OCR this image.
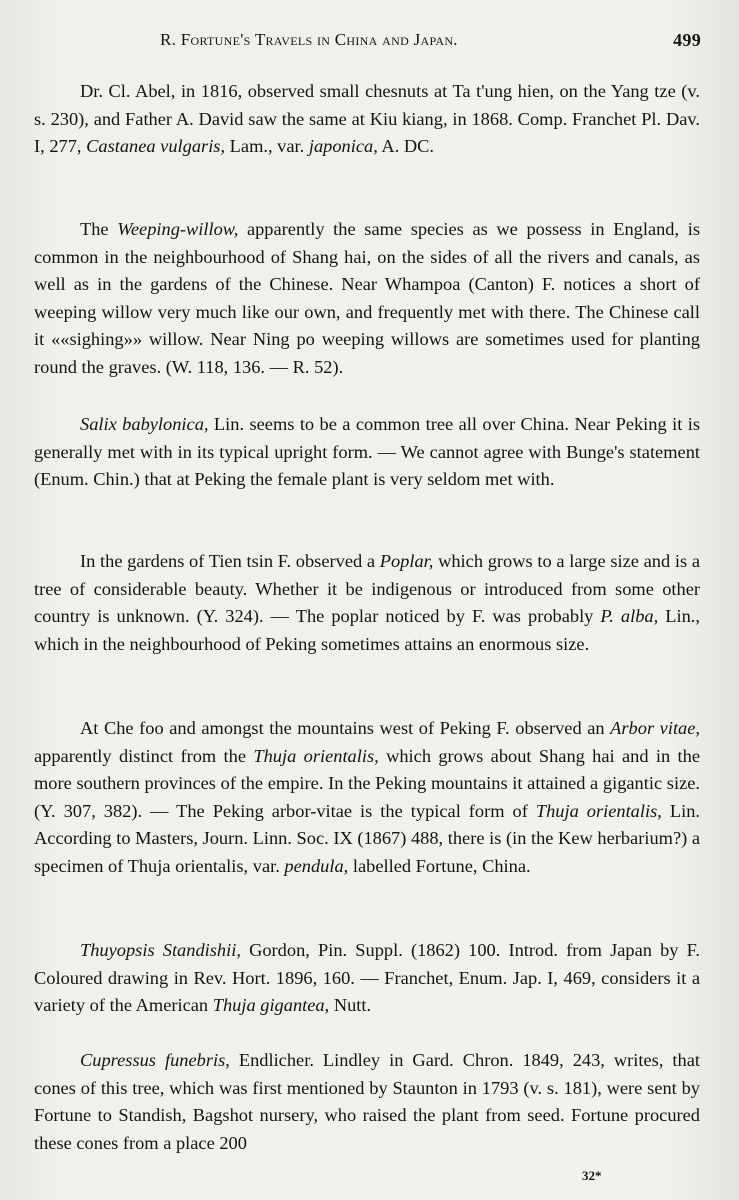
R. Fortune's Travels in China and Japan.	499

Dr. Cl. Abel, in 1816, observed small chesnuts at Ta t'ung hien, on the Yang tze (v. s. 230), and Father A. David saw the same at Kiu kiang, in 1868. Comp. Franchet Pl. Dav. I, 277, Castanea vulgaris, Lam., var. japonica, A. DC.

The Weeping-willow, apparently the same species as we possess in England, is common in the neighbourhood of Shang hai, on the sides of all the rivers and canals, as well as in the gardens of the Chinese. Near Whampoa (Canton) F. notices a short of weeping willow very much like our own, and frequently met with there. The Chinese call it ««sighing»» willow. Near Ning po weeping willows are sometimes used for planting round the graves. (W. 118, 136. — R. 52).

Salix babylonica, Lin. seems to be a common tree all over China. Near Peking it is generally met with in its typical upright form. — We cannot agree with Bunge's statement (Enum. Chin.) that at Peking the female plant is very seldom met with.

In the gardens of Tien tsin F. observed a Poplar, which grows to a large size and is a tree of considerable beauty. Whether it be indigenous or introduced from some other country is unknown. (Y. 324). — The poplar noticed by F. was probably P. alba, Lin., which in the neighbourhood of Peking sometimes attains an enormous size.

At Che foo and amongst the mountains west of Peking F. observed an Arbor vitae, apparently distinct from the Thuja orientalis, which grows about Shang hai and in the more southern provinces of the empire. In the Peking mountains it attained a gigantic size. (Y. 307, 382). — The Peking arbor-vitae is the typical form of Thuja orientalis, Lin. According to Masters, Journ. Linn. Soc. IX (1867) 488, there is (in the Kew herbarium?) a specimen of Thuja orientalis, var. pendula, labelled Fortune, China.

Thuyopsis Standishii, Gordon, Pin. Suppl. (1862) 100. Introd. from Japan by F. Coloured drawing in Rev. Hort. 1896, 160. — Franchet, Enum. Jap. I, 469, considers it a variety of the American Thuja gigantea, Nutt.

Cupressus funebris, Endlicher. Lindley in Gard. Chron. 1849, 243, writes, that cones of this tree, which was first mentioned by Staunton in 1793 (v. s. 181), were sent by Fortune to Standish, Bagshot nursery, who raised the plant from seed. Fortune procured these cones from a place 200

32*
